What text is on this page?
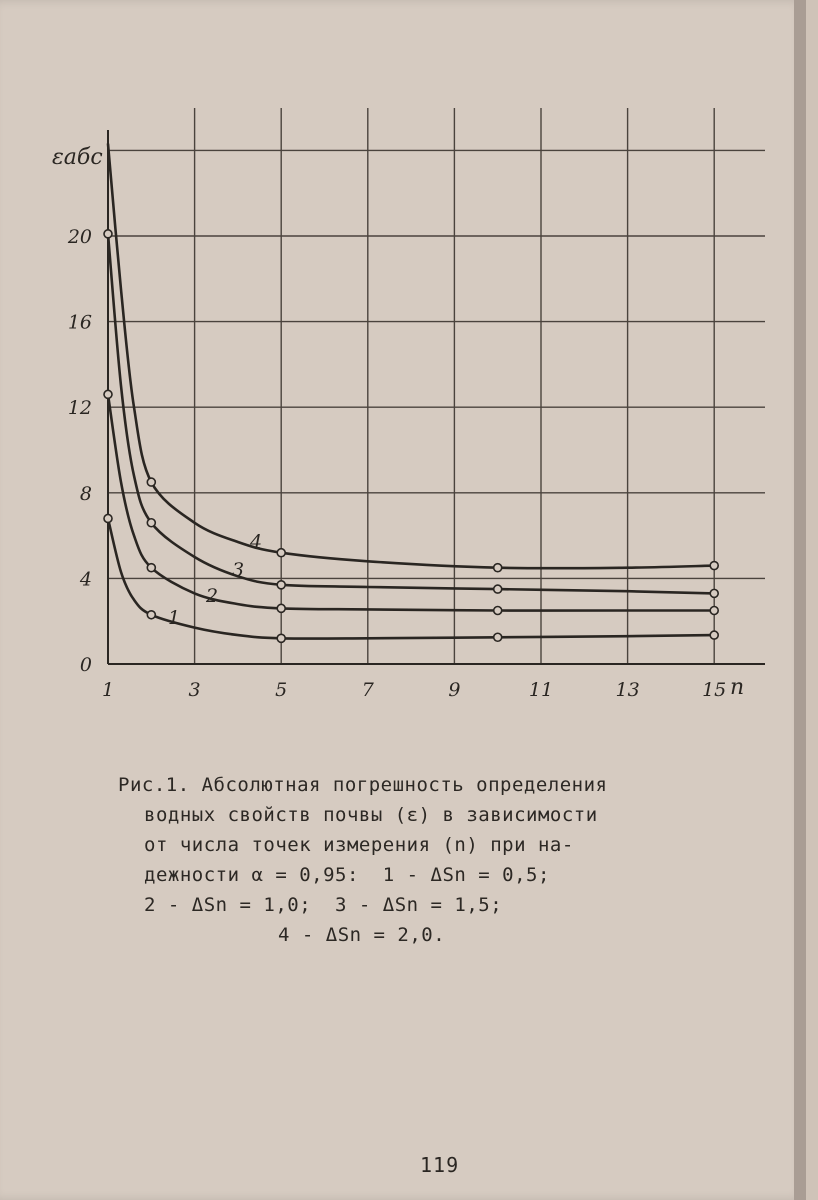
0
4
8
12
16
20
1	3	5	7	9	11	13	15
1
2
3
4
εабс
n
Рис.1. Абсолютная погрешность определения
водных свойств почвы (ε) в зависимости
от числа точек измерения (n) при на-
дежности α = 0,95:  1 - ΔSn = 0,5;
2 - ΔSn = 1,0;  3 - ΔSn = 1,5;
4 - ΔSn = 2,0.
119
